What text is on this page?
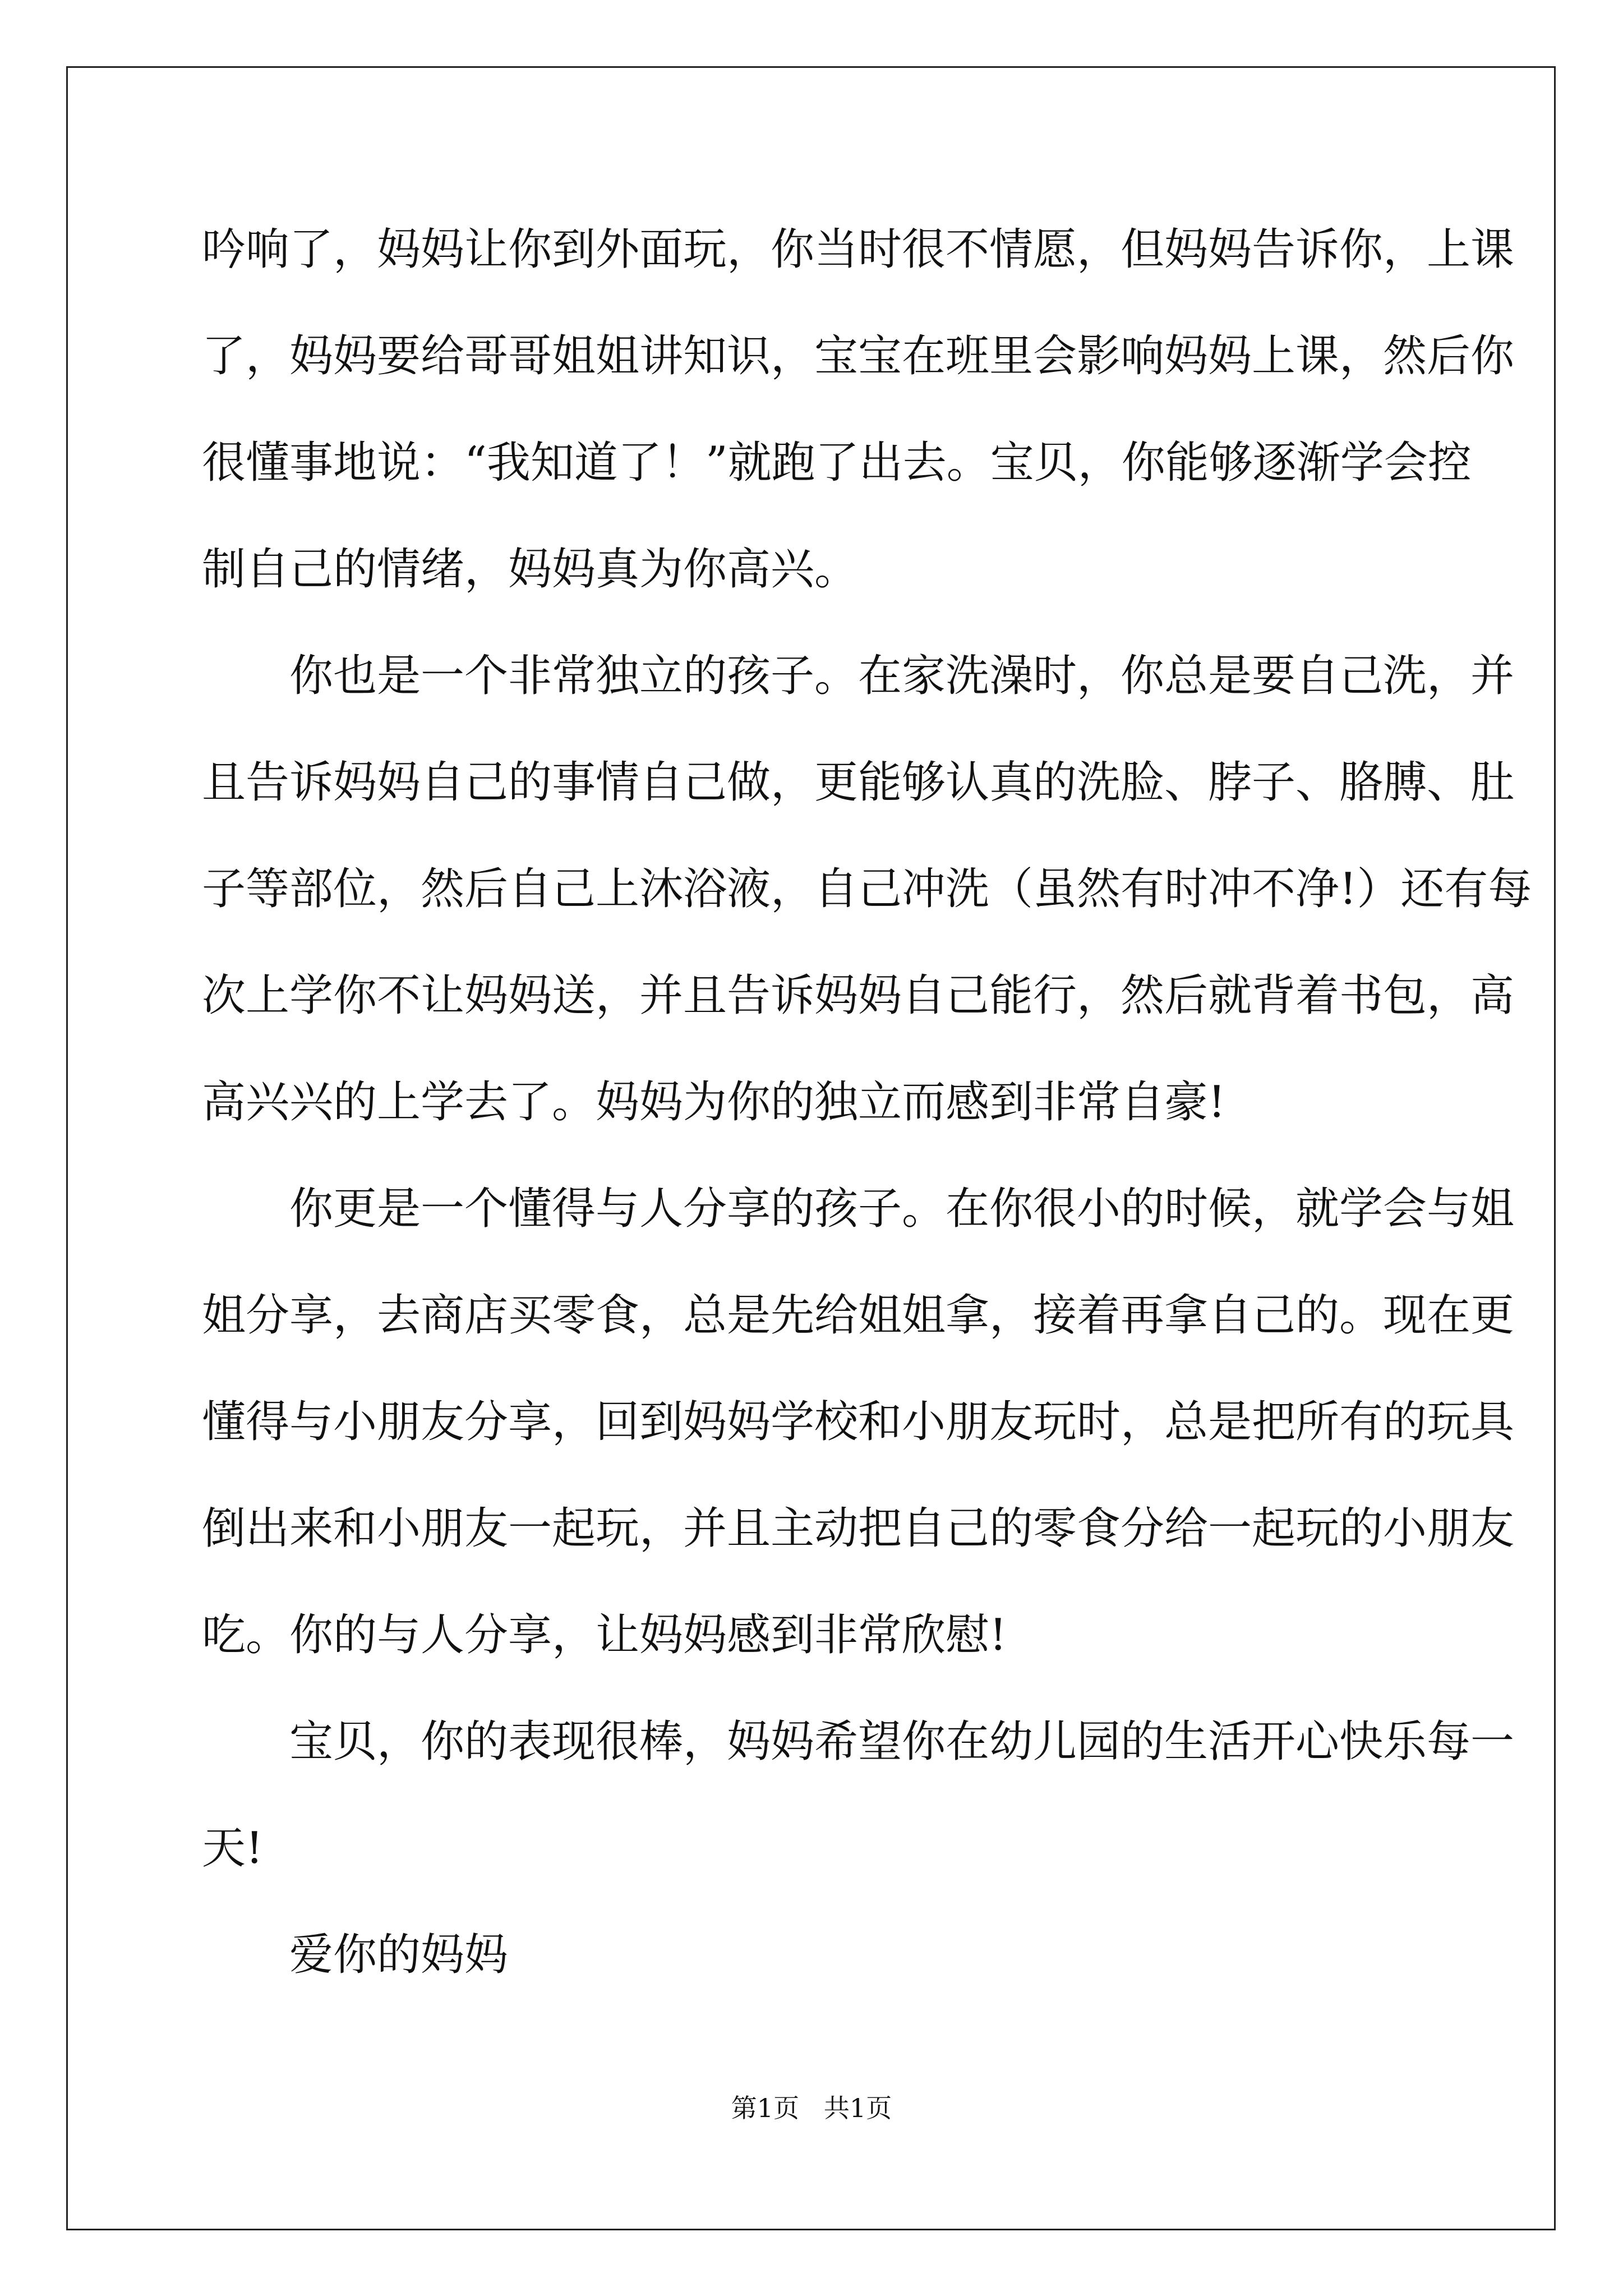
吟响了，妈妈让你到外面玩，你当时很不情愿，但妈妈告诉你，上课
了，妈妈要给哥哥姐姐讲知识，宝宝在班里会影响妈妈上课，然后你
很懂事地说：“我知道了！”就跑了出去。宝贝，你能够逐渐学会控
制自己的情绪，妈妈真为你高兴。
你也是一个非常独立的孩子。在家洗澡时，你总是要自己洗，并
且告诉妈妈自己的事情自己做，更能够认真的洗脸、脖子、胳膊、肚
子等部位，然后自己上沐浴液，自己冲洗（虽然有时冲不净!）还有每
次上学你不让妈妈送，并且告诉妈妈自己能行，然后就背着书包，高
高兴兴的上学去了。妈妈为你的独立而感到非常自豪!
你更是一个懂得与人分享的孩子。在你很小的时候，就学会与姐
姐分享，去商店买零食，总是先给姐姐拿，接着再拿自己的。现在更
懂得与小朋友分享，回到妈妈学校和小朋友玩时，总是把所有的玩具
倒出来和小朋友一起玩，并且主动把自己的零食分给一起玩的小朋友
吃。你的与人分享，让妈妈感到非常欣慰!
宝贝，你的表现很棒，妈妈希望你在幼儿园的生活开心快乐每一
天!
爱你的妈妈
第1页   共1页
